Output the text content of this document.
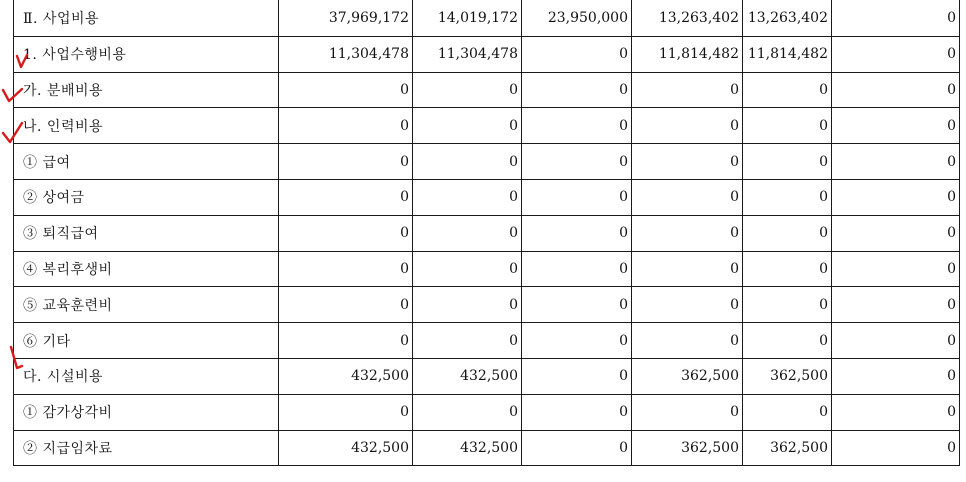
Ⅱ. 사업비용	37,969,172	14,019,172	23,950,000	13,263,402	13,263,402	0
1. 사업수행비용	11,304,478	11,304,478	0	11,814,482	11,814,482	0
가. 분배비용	0	0	0	0	0	0
나. 인력비용	0	0	0	0	0	0
① 급여	0	0	0	0	0	0
② 상여금	0	0	0	0	0	0
③ 퇴직급여	0	0	0	0	0	0
④ 복리후생비	0	0	0	0	0	0
⑤ 교육훈련비	0	0	0	0	0	0
⑥ 기타	0	0	0	0	0	0
다. 시설비용	432,500	432,500	0	362,500	362,500	0
① 감가상각비	0	0	0	0	0	0
② 지급임차료	432,500	432,500	0	362,500	362,500	0
